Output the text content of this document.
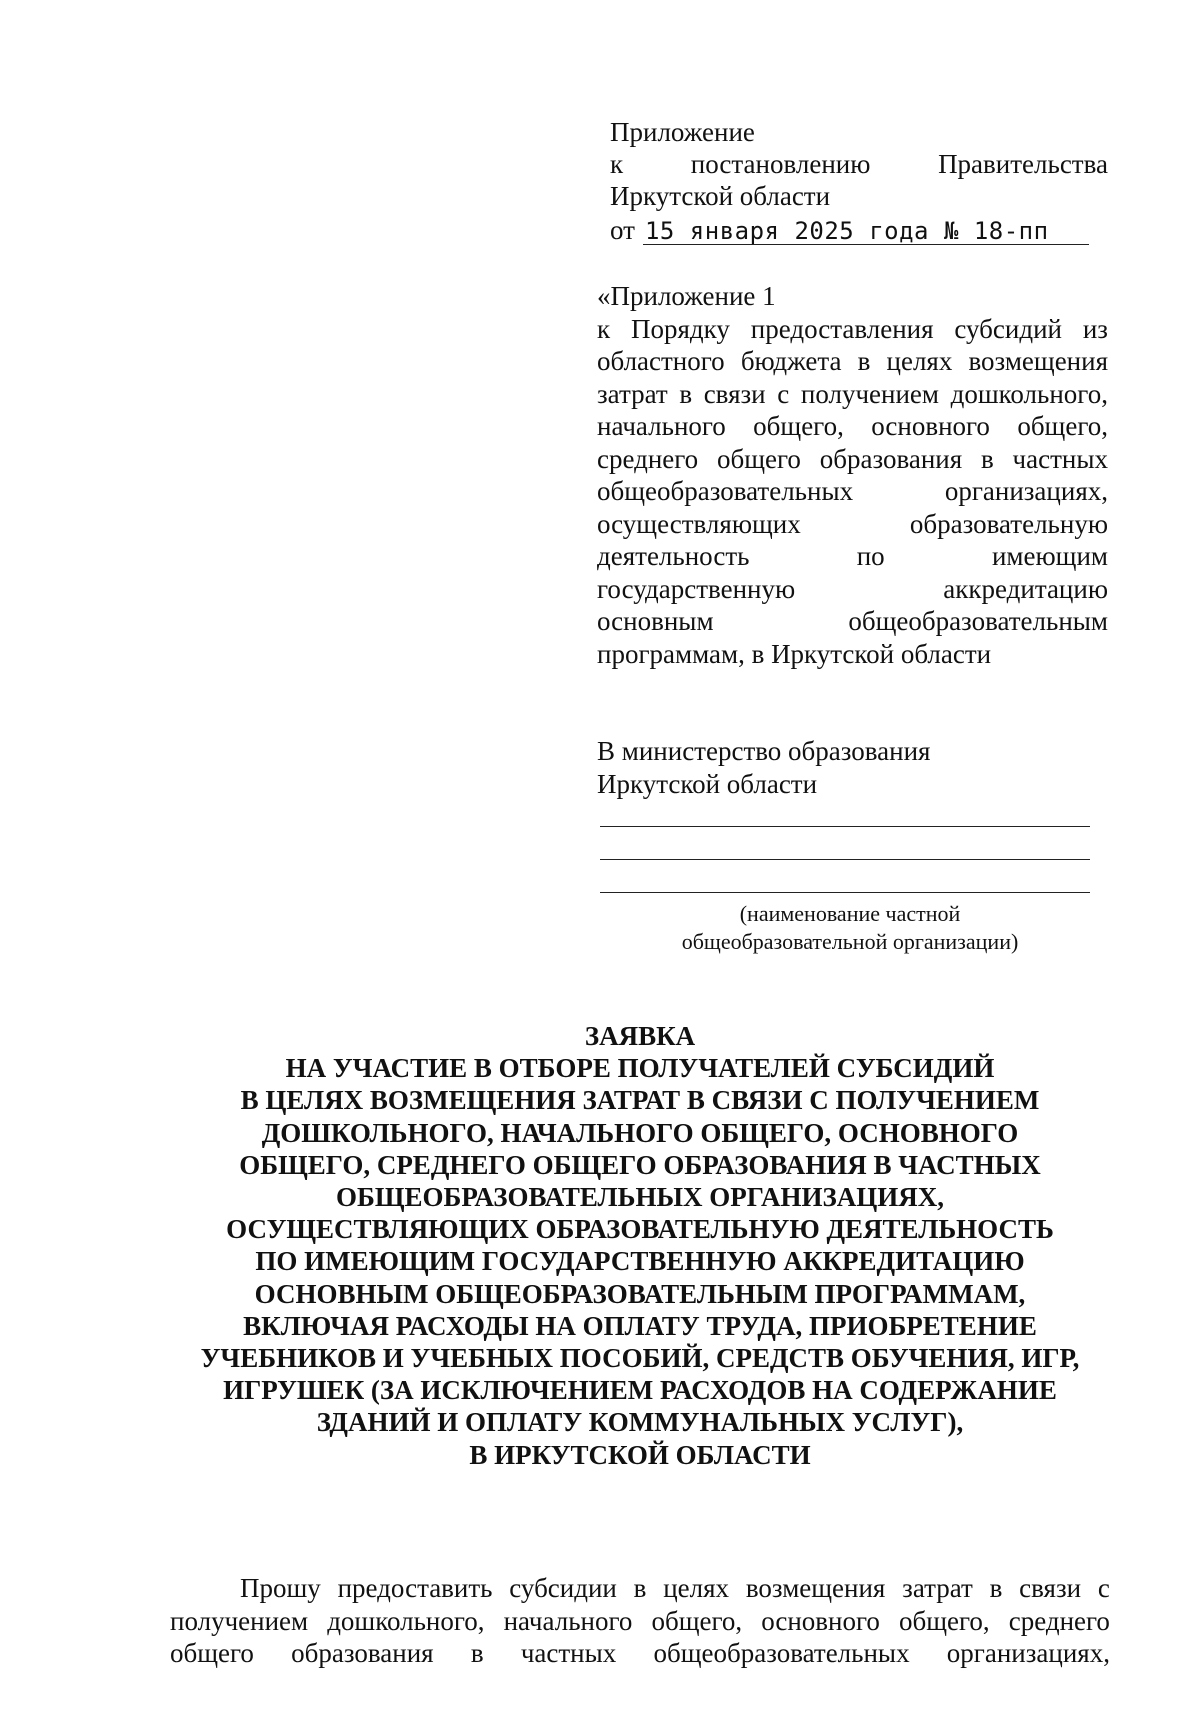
Приложение
к	постановлению	Правительства
Иркутской области
от 15 января 2025 года № 18-пп
«Приложение 1
к Порядку предоставления субсидий из
областного бюджета в целях возмещения
затрат в связи с получением дошкольного,
начального общего, основного общего,
среднего общего образования в частных
общеобразовательных	организациях,
осуществляющих	образовательную
деятельность	по	имеющим
государственную	аккредитацию
основным	общеобразовательным
программам, в Иркутской области
В министерство образования
Иркутской области
(наименование частной
общеобразовательной организации)
ЗАЯВКА
НА УЧАСТИЕ В ОТБОРЕ ПОЛУЧАТЕЛЕЙ СУБСИДИЙ
В ЦЕЛЯХ ВОЗМЕЩЕНИЯ ЗАТРАТ В СВЯЗИ С ПОЛУЧЕНИЕМ
ДОШКОЛЬНОГО, НАЧАЛЬНОГО ОБЩЕГО, ОСНОВНОГО
ОБЩЕГО, СРЕДНЕГО ОБЩЕГО ОБРАЗОВАНИЯ В ЧАСТНЫХ
ОБЩЕОБРАЗОВАТЕЛЬНЫХ ОРГАНИЗАЦИЯХ,
ОСУЩЕСТВЛЯЮЩИХ ОБРАЗОВАТЕЛЬНУЮ ДЕЯТЕЛЬНОСТЬ
ПО ИМЕЮЩИМ ГОСУДАРСТВЕННУЮ АККРЕДИТАЦИЮ
ОСНОВНЫМ ОБЩЕОБРАЗОВАТЕЛЬНЫМ ПРОГРАММАМ,
ВКЛЮЧАЯ РАСХОДЫ НА ОПЛАТУ ТРУДА, ПРИОБРЕТЕНИЕ
УЧЕБНИКОВ И УЧЕБНЫХ ПОСОБИЙ, СРЕДСТВ ОБУЧЕНИЯ, ИГР,
ИГРУШЕК (ЗА ИСКЛЮЧЕНИЕМ РАСХОДОВ НА СОДЕРЖАНИЕ
ЗДАНИЙ И ОПЛАТУ КОММУНАЛЬНЫХ УСЛУГ),
В ИРКУТСКОЙ ОБЛАСТИ
Прошу предоставить субсидии в целях возмещения затрат в связи с
получением дошкольного, начального общего, основного общего, среднего
общего образования в частных общеобразовательных организациях,
